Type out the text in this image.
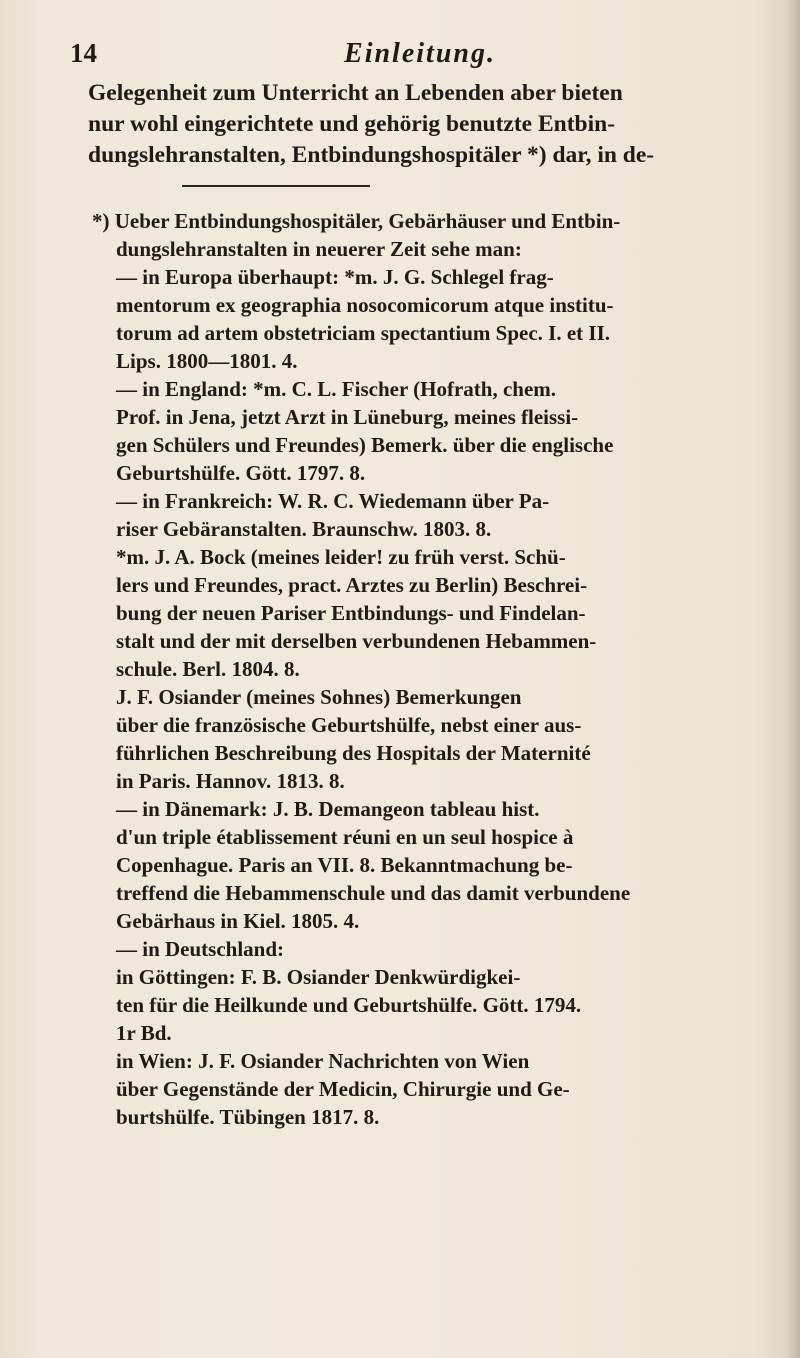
Einleitung.
14
Gelegenheit zum Unterricht an Lebenden aber bieten
nur wohl eingerichtete und gehörig benutzte Entbin-
dungslehranstalten, Entbindungshospitäler *) dar, in de-
*) Ueber Entbindungshospitäler, Gebärhäuser und Entbin-
dungslehranstalten in neuerer Zeit sehe man:
— in Europa überhaupt: *m. J. G. Schlegel frag-
mentorum ex geographia nosocomicorum atque institu-
torum ad artem obstetriciam spectantium Spec. I. et II.
Lips. 1800—1801. 4.
— in England: *m. C. L. Fischer (Hofrath, chem.
Prof. in Jena, jetzt Arzt in Lüneburg, meines fleissi-
gen Schülers und Freundes) Bemerk. über die englische
Geburtshülfe. Gött. 1797. 8.
— in Frankreich: W. R. C. Wiedemann über Pa-
riser Gebäranstalten. Braunschw. 1803. 8.
*m. J. A. Bock (meines leider! zu früh verst. Schü-
lers und Freundes, pract. Arztes zu Berlin) Beschrei-
bung der neuen Pariser Entbindungs- und Findelan-
stalt und der mit derselben verbundenen Hebammen-
schule. Berl. 1804. 8.
J. F. Osiander (meines Sohnes) Bemerkungen
über die französische Geburtshülfe, nebst einer aus-
führlichen Beschreibung des Hospitals der Maternité
in Paris. Hannov. 1813. 8.
— in Dänemark: J. B. Demangeon tableau hist.
d'un triple établissement réuni en un seul hospice à
Copenhague. Paris an VII. 8. Bekanntmachung be-
treffend die Hebammenschule und das damit verbundene
Gebärhaus in Kiel. 1805. 4.
— in Deutschland:
in Göttingen: F. B. Osiander Denkwürdigkei-
ten für die Heilkunde und Geburtshülfe. Gött. 1794.
1r Bd.
in Wien: J. F. Osiander Nachrichten von Wien
über Gegenstände der Medicin, Chirurgie und Ge-
burtshülfe. Tübingen 1817. 8.
